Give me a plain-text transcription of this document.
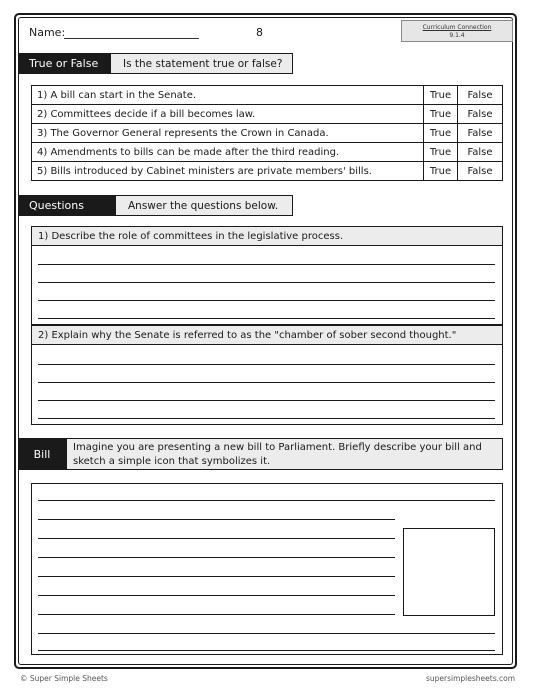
Name:	8	Curriculum Connection
9.1.4
True or False	Is the statement true or false?
1) A bill can start in the Senate.	True	False
2) Committees decide if a bill becomes law.	True	False
3) The Governor General represents the Crown in Canada.	True	False
4) Amendments to bills can be made after the third reading.	True	False
5) Bills introduced by Cabinet ministers are private members' bills.	True	False
Questions	Answer the questions below.
1) Describe the role of committees in the legislative process.
2) Explain why the Senate is referred to as the "chamber of sober second thought."
Bill	Imagine you are presenting a new bill to Parliament. Briefly describe your bill and sketch a simple icon that symbolizes it.
© Super Simple Sheets	supersimplesheets.com
